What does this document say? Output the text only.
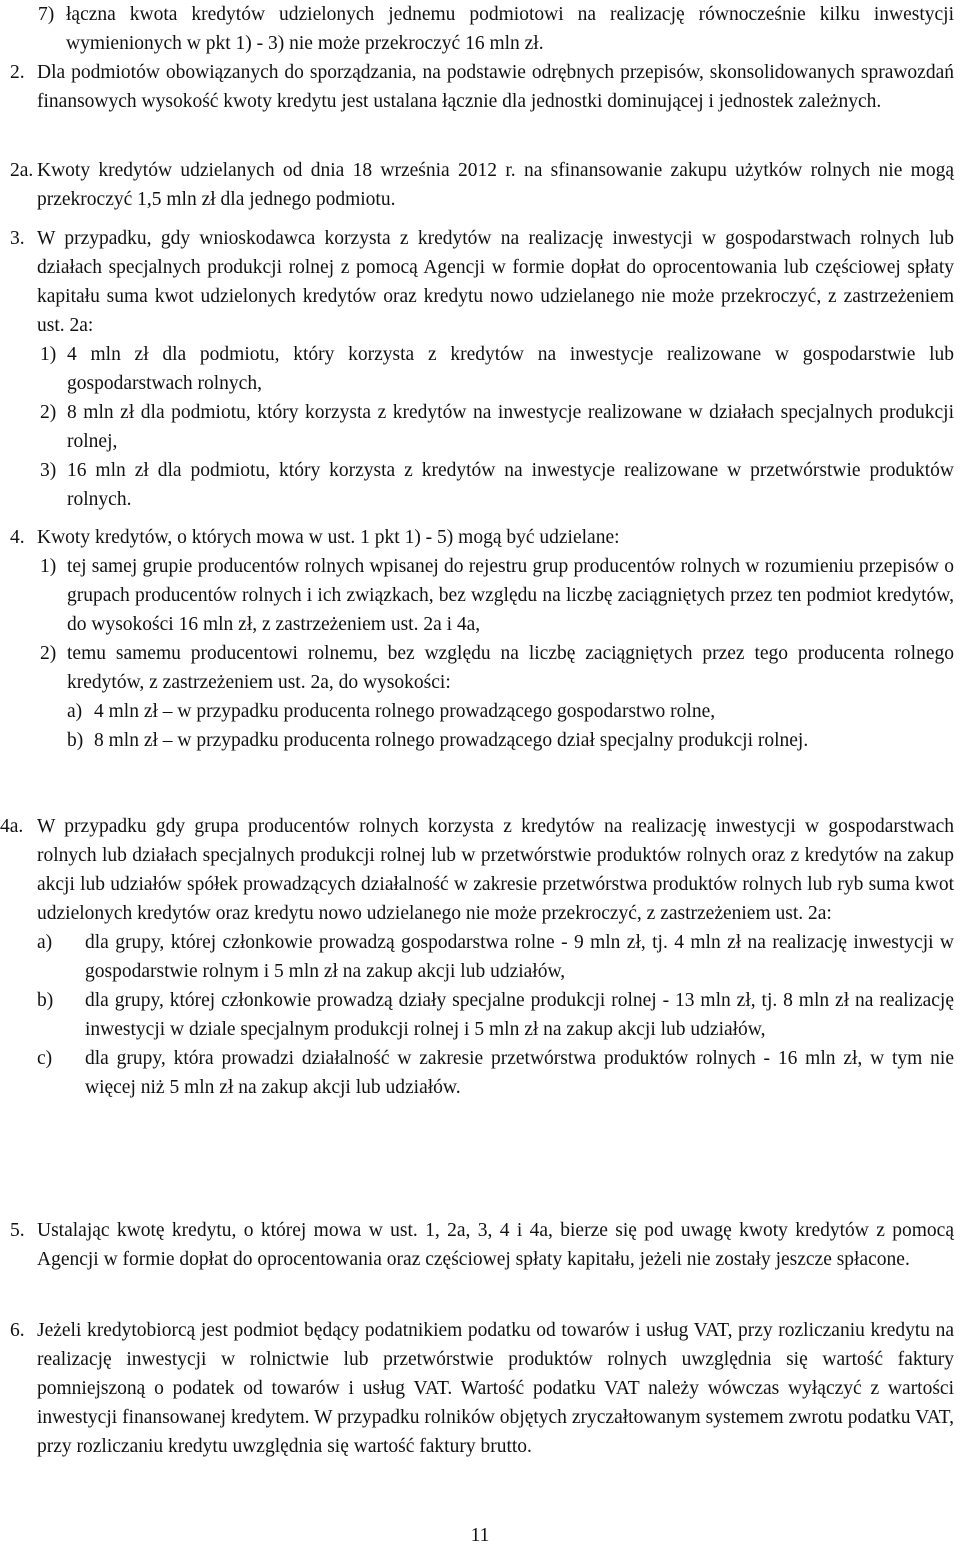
7) łączna kwota kredytów udzielonych jednemu podmiotowi na realizację równocześnie kilku inwestycji wymienionych w pkt 1) - 3) nie może przekroczyć 16 mln zł.
2. Dla podmiotów obowiązanych do sporządzania, na podstawie odrębnych przepisów, skonsolidowanych sprawozdań finansowych wysokość kwoty kredytu jest ustalana łącznie dla jednostki dominującej i jednostek zależnych.
2a. Kwoty kredytów udzielanych od dnia 18 września 2012 r. na sfinansowanie zakupu użytków rolnych nie mogą przekroczyć 1,5 mln zł dla jednego podmiotu.
3. W przypadku, gdy wnioskodawca korzysta z kredytów na realizację inwestycji w gospodarstwach rolnych lub działach specjalnych produkcji rolnej z pomocą Agencji w formie dopłat do oprocentowania lub częściowej spłaty kapitału suma kwot udzielonych kredytów oraz kredytu nowo udzielanego nie może przekroczyć, z zastrzeżeniem ust. 2a:
1) 4 mln zł dla podmiotu, który korzysta z kredytów na inwestycje realizowane w gospodarstwie lub gospodarstwach rolnych,
2) 8 mln zł dla podmiotu, który korzysta z kredytów na inwestycje realizowane w działach specjalnych produkcji rolnej,
3) 16 mln zł dla podmiotu, który korzysta z kredytów na inwestycje realizowane w przetwórstwie produktów rolnych.
4. Kwoty kredytów, o których mowa w ust. 1 pkt 1) - 5) mogą być udzielane:
1) tej samej grupie producentów rolnych wpisanej do rejestru grup producentów rolnych w rozumieniu przepisów o grupach producentów rolnych i ich związkach, bez względu na liczbę zaciągniętych przez ten podmiot kredytów, do wysokości 16 mln zł, z zastrzeżeniem ust. 2a i 4a,
2) temu samemu producentowi rolnemu, bez względu na liczbę zaciągniętych przez tego producenta rolnego kredytów, z zastrzeżeniem ust. 2a, do wysokości:
a) 4 mln zł – w przypadku producenta rolnego prowadzącego gospodarstwo rolne,
b) 8 mln zł – w przypadku producenta rolnego prowadzącego dział specjalny produkcji rolnej.
4a. W przypadku gdy grupa producentów rolnych korzysta z kredytów na realizację inwestycji w gospodarstwach rolnych lub działach specjalnych produkcji rolnej lub w przetwórstwie produktów rolnych oraz z kredytów na zakup akcji lub udziałów spółek prowadzących działalność w zakresie przetwórstwa produktów rolnych lub ryb suma kwot udzielonych kredytów oraz kredytu nowo udzielanego nie może przekroczyć, z zastrzeżeniem ust. 2a:
a)	dla grupy, której członkowie prowadzą gospodarstwa rolne - 9 mln zł, tj. 4 mln zł na realizację inwestycji w gospodarstwie rolnym i 5 mln zł na zakup akcji lub udziałów,
b)	dla grupy, której członkowie prowadzą działy specjalne produkcji rolnej - 13 mln zł, tj. 8 mln zł na realizację inwestycji w dziale specjalnym produkcji rolnej i 5 mln zł na zakup akcji lub udziałów,
c)	dla grupy, która prowadzi działalność w zakresie przetwórstwa produktów rolnych - 16 mln zł, w tym nie więcej niż 5 mln zł na zakup akcji lub udziałów.
5. Ustalając kwotę kredytu, o której mowa w ust. 1, 2a, 3, 4 i 4a, bierze się pod uwagę kwoty kredytów z pomocą Agencji w formie dopłat do oprocentowania oraz częściowej spłaty kapitału, jeżeli nie zostały jeszcze spłacone.
6. Jeżeli kredytobiorcą jest podmiot będący podatnikiem podatku od towarów i usług VAT, przy rozliczaniu kredytu na realizację inwestycji w rolnictwie lub przetwórstwie produktów rolnych uwzględnia się wartość faktury pomniejszoną o podatek od towarów i usług VAT. Wartość podatku VAT należy wówczas wyłączyć z wartości inwestycji finansowanej kredytem. W przypadku rolników objętych zryczałtowanym systemem zwrotu podatku VAT, przy rozliczaniu kredytu uwzględnia się wartość faktury brutto.
11
